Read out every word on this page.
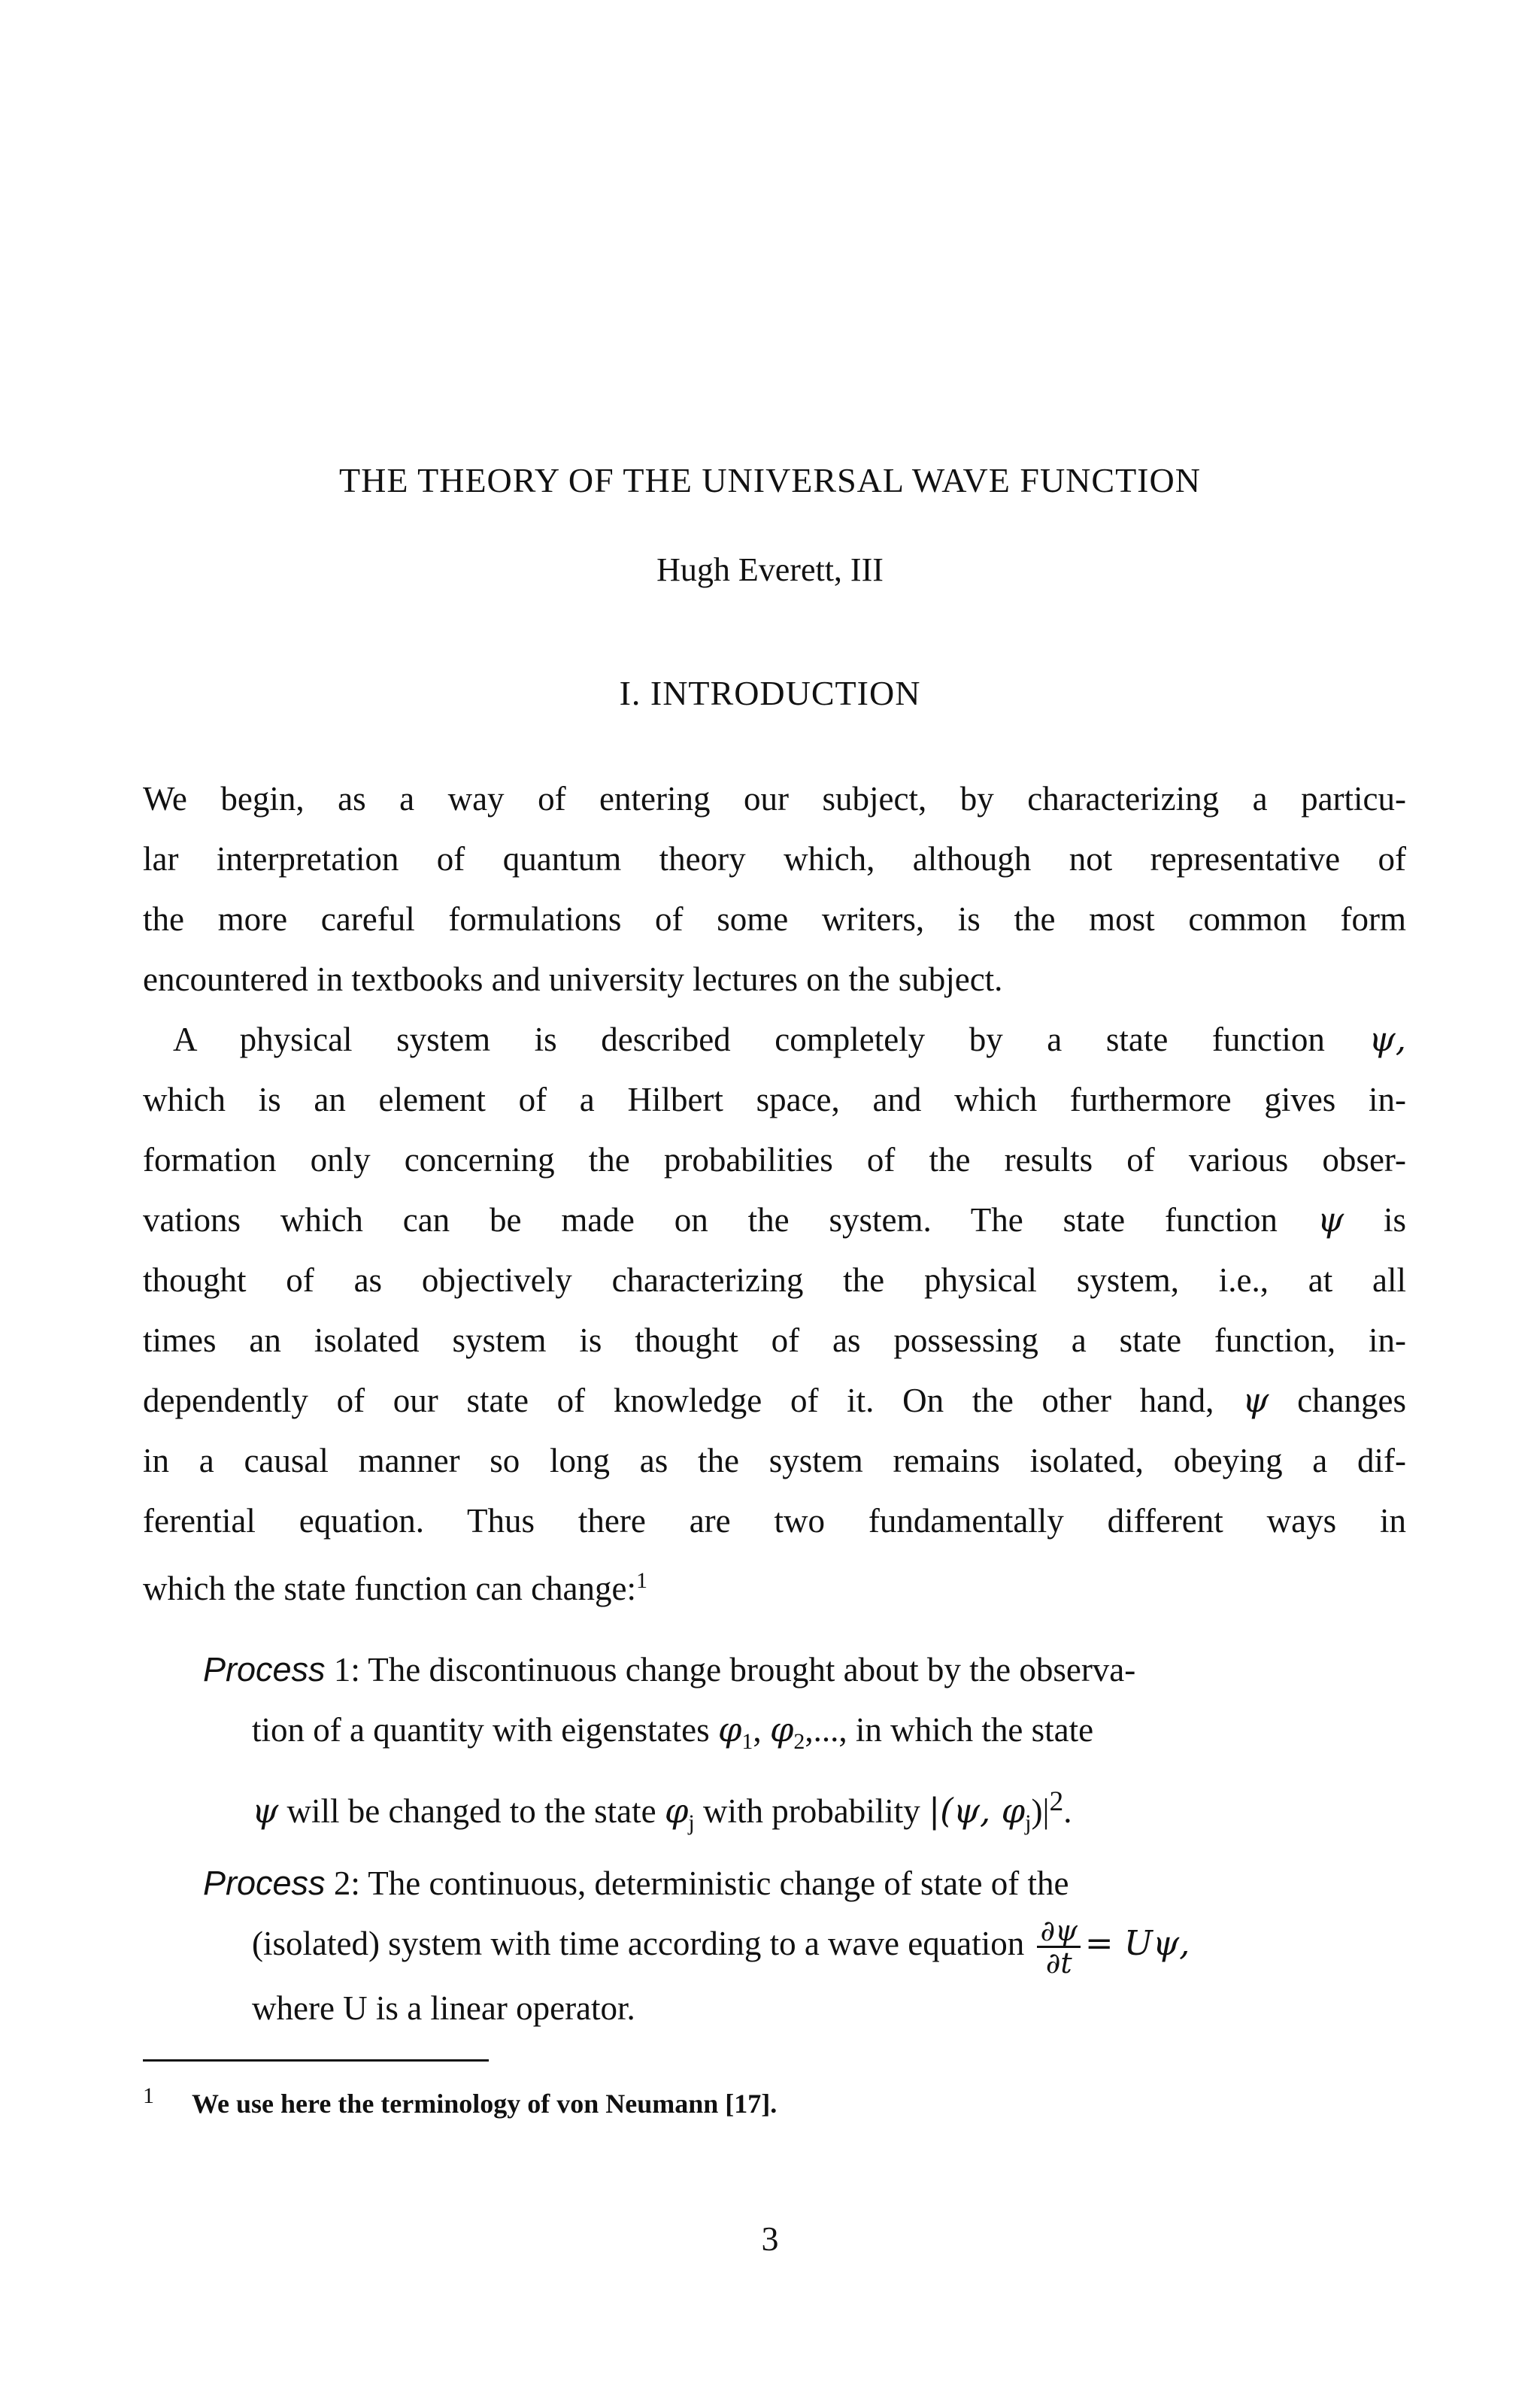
THE THEORY OF THE UNIVERSAL WAVE FUNCTION
Hugh Everett, III
I. INTRODUCTION
We begin, as a way of entering our subject, by characterizing a particu-
lar interpretation of quantum theory which, although not representative of
the more careful formulations of some writers, is the most common form
encountered in textbooks and university lectures on the subject.
A physical system is described completely by a state function ψ,
which is an element of a Hilbert space, and which furthermore gives in-
formation only concerning the probabilities of the results of various obser-
vations which can be made on the system. The state function ψ is
thought of as objectively characterizing the physical system, i.e., at all
times an isolated system is thought of as possessing a state function, in-
dependently of our state of knowledge of it. On the other hand, ψ changes
in a causal manner so long as the system remains isolated, obeying a dif-
ferential equation. Thus there are two fundamentally different ways in
which the state function can change:$^1$
Process 1: The discontinuous change brought about by the observa-
tion of a quantity with eigenstates $\varphi_1$, $\varphi_2$,..., in which the state
ψ will be changed to the state $\varphi_j$ with probability |(ψ, $\varphi_j)|^2$.
Process 2: The continuous, deterministic change of state of the
(isolated) system with time according to a wave equation $\frac{\partial\psi}{\partial t} = U\psi$,
where U is a linear operator.
$^1$ We use here the terminology of von Neumann [17].
3
